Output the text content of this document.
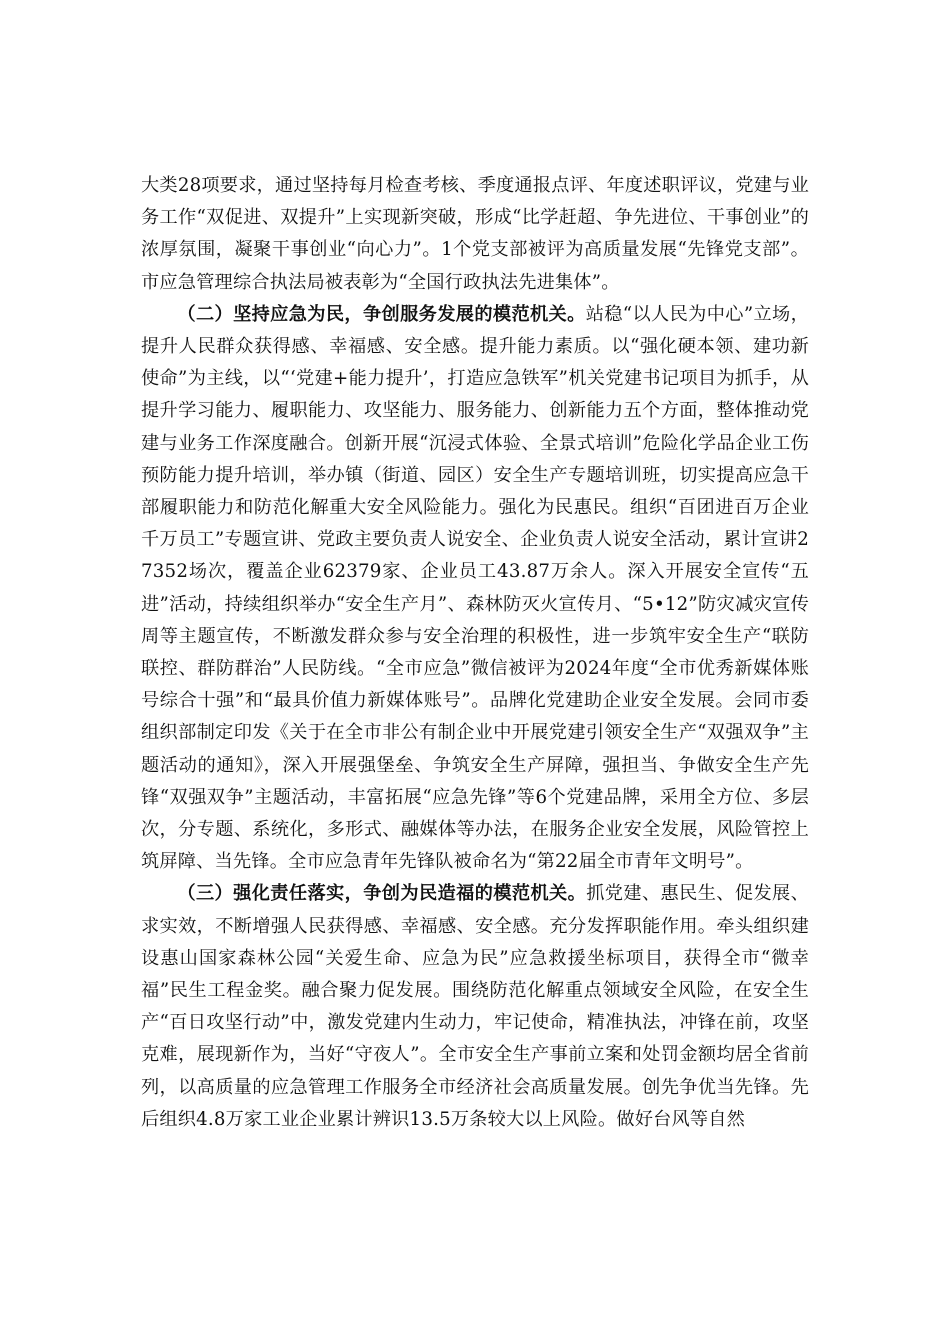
大类28项要求，通过坚持每月检查考核、季度通报点评、年度述职评议，党建与业务工作“双促进、双提升”上实现新突破，形成“比学赶超、争先进位、干事创业”的浓厚氛围，凝聚干事创业“向心力”。1个党支部被评为高质量发展“先锋党支部”。市应急管理综合执法局被表彰为“全国行政执法先进集体”。

（二）坚持应急为民，争创服务发展的模范机关。站稳“以人民为中心”立场，提升人民群众获得感、幸福感、安全感。提升能力素质。以“强化硬本领、建功新使命”为主线，以“‘党建+能力提升’，打造应急铁军”机关党建书记项目为抓手，从提升学习能力、履职能力、攻坚能力、服务能力、创新能力五个方面，整体推动党建与业务工作深度融合。创新开展“沉浸式体验、全景式培训”危险化学品企业工伤预防能力提升培训，举办镇（街道、园区）安全生产专题培训班，切实提高应急干部履职能力和防范化解重大安全风险能力。强化为民惠民。组织“百团进百万企业千万员工”专题宣讲、党政主要负责人说安全、企业负责人说安全活动，累计宣讲27352场次，覆盖企业62379家、企业员工43.87万余人。深入开展安全宣传“五进”活动，持续组织举办“安全生产月”、森林防灭火宣传月、“5•12”防灾减灾宣传周等主题宣传，不断激发群众参与安全治理的积极性，进一步筑牢安全生产“联防联控、群防群治”人民防线。“全市应急”微信被评为2024年度“全市优秀新媒体账号综合十强”和“最具价值力新媒体账号”。品牌化党建助企业安全发展。会同市委组织部制定印发《关于在全市非公有制企业中开展党建引领安全生产“双强双争”主题活动的通知》，深入开展强堡垒、争筑安全生产屏障，强担当、争做安全生产先锋“双强双争”主题活动，丰富拓展“应急先锋”等6个党建品牌，采用全方位、多层次，分专题、系统化，多形式、融媒体等办法，在服务企业安全发展，风险管控上筑屏障、当先锋。全市应急青年先锋队被命名为“第22届全市青年文明号”。

（三）强化责任落实，争创为民造福的模范机关。抓党建、惠民生、促发展、求实效，不断增强人民获得感、幸福感、安全感。充分发挥职能作用。牵头组织建设惠山国家森林公园“关爱生命、应急为民”应急救援坐标项目，获得全市“微幸福”民生工程金奖。融合聚力促发展。围绕防范化解重点领域安全风险，在安全生产“百日攻坚行动”中，激发党建内生动力，牢记使命，精准执法，冲锋在前，攻坚克难，展现新作为，当好“守夜人”。全市安全生产事前立案和处罚金额均居全省前列，以高质量的应急管理工作服务全市经济社会高质量发展。创先争优当先锋。先后组织4.8万家工业企业累计辨识13.5万条较大以上风险。做好台风等自然
